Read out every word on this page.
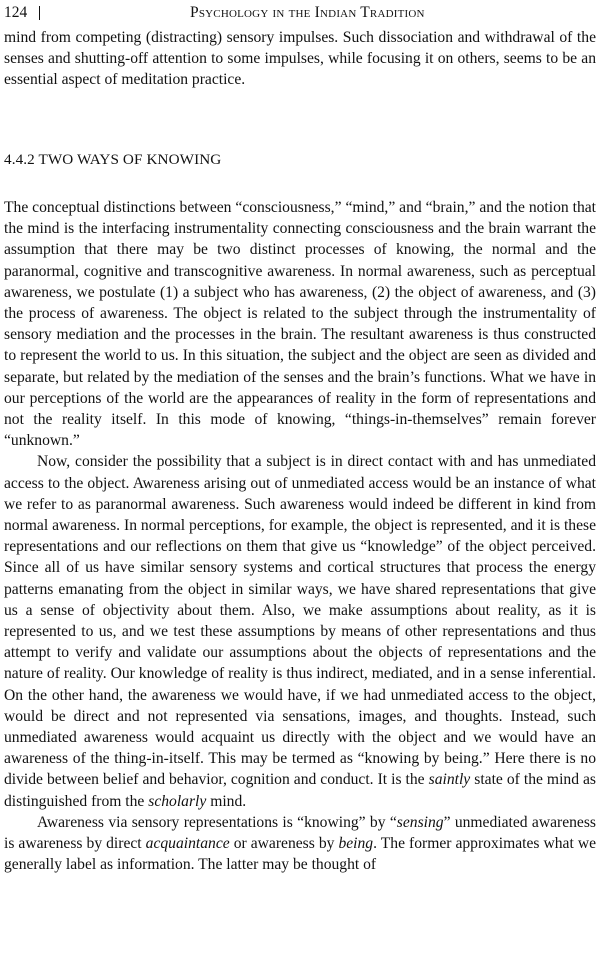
124	Psychology in the Indian Tradition

mind from competing (distracting) sensory impulses. Such dissociation and withdrawal of the senses and shutting-off attention to some impulses, while focusing it on others, seems to be an essential aspect of meditation practice.

4.4.2 TWO WAYS OF KNOWING

The conceptual distinctions between “consciousness,” “mind,” and “brain,” and the notion that the mind is the interfacing instrumentality connecting consciousness and the brain warrant the assumption that there may be two distinct processes of knowing, the normal and the paranormal, cognitive and transcognitive awareness. In normal awareness, such as perceptual awareness, we postulate (1) a subject who has awareness, (2) the object of awareness, and (3) the process of awareness. The object is related to the subject through the instrumentality of sensory mediation and the processes in the brain. The resultant awareness is thus constructed to represent the world to us. In this situation, the subject and the object are seen as divided and separate, but related by the mediation of the senses and the brain’s functions. What we have in our perceptions of the world are the appearances of reality in the form of representations and not the reality itself. In this mode of knowing, “things-in-themselves” remain forever “unknown.”

Now, consider the possibility that a subject is in direct contact with and has unmediated access to the object. Awareness arising out of unmediated access would be an instance of what we refer to as paranormal awareness. Such awareness would indeed be different in kind from normal awareness. In normal perceptions, for example, the object is represented, and it is these representations and our reflections on them that give us “knowledge” of the object perceived. Since all of us have similar sensory systems and cortical structures that process the energy patterns emanating from the object in similar ways, we have shared representations that give us a sense of objectivity about them. Also, we make assumptions about reality, as it is represented to us, and we test these assumptions by means of other representations and thus attempt to verify and validate our assumptions about the objects of representations and the nature of reality. Our knowledge of reality is thus indirect, mediated, and in a sense inferential. On the other hand, the awareness we would have, if we had unmediated access to the object, would be direct and not represented via sensations, images, and thoughts. Instead, such unmediated awareness would acquaint us directly with the object and we would have an awareness of the thing-in-itself. This may be termed as “knowing by being.” Here there is no divide between belief and behavior, cognition and conduct. It is the saintly state of the mind as distinguished from the scholarly mind.

Awareness via sensory representations is “knowing” by “sensing” unmediated awareness is awareness by direct acquaintance or awareness by being. The former approximates what we generally label as information. The latter may be thought of
